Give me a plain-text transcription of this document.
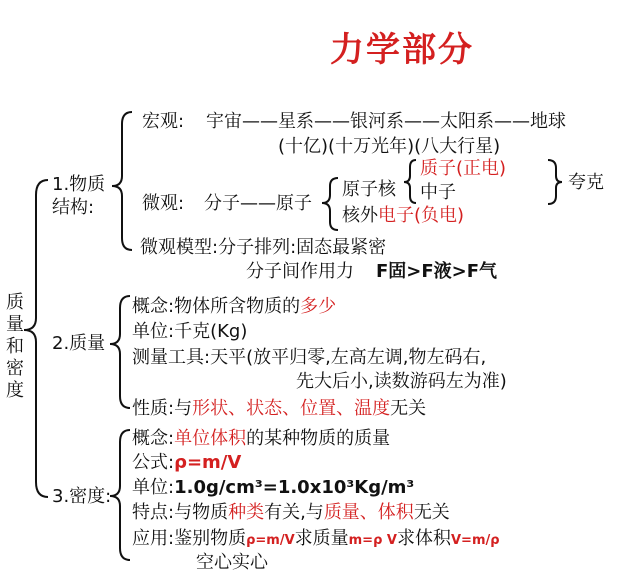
力学部分
质量和密度
1.物质
结构:
宏观: 宇宙——星系——银河系——太阳系——地球
(十亿)(十万光年)(八大行星)
微观: 分子——原子
原子核
质子(正电)
中子	夸克
核外电子(负电)
微观模型:分子排列:固态最紧密
分子间作用力 F固>F液>F气
2.质量
概念:物体所含物质的多少
单位:千克(Kg)
测量工具:天平(放平归零,左高左调,物左码右,
先大后小,读数游码左为准)
性质:与形状、状态、位置、温度无关
3.密度:
概念:单位体积的某种物质的质量
公式:ρ=m/V
单位:1.0g/cm³=1.0x10³Kg/m³
特点:与物质种类有关,与质量、体积无关
应用:鉴别物质ρ=m/V求质量m=ρ V求体积V=m/ρ
空心实心
